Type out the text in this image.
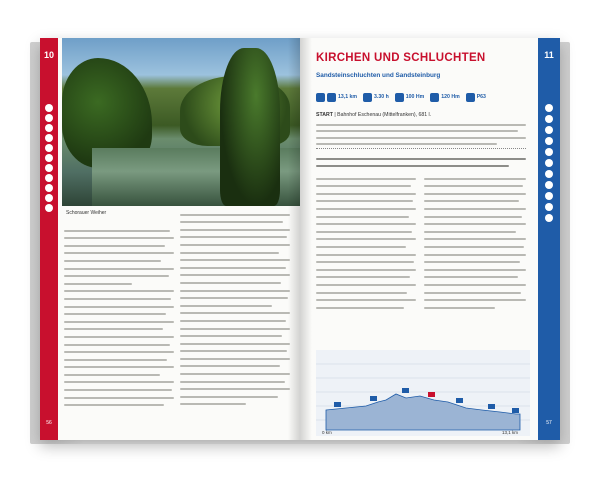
10
56
Schorauer Weiher
11
57
KIRCHEN UND SCHLUCHTEN
Sandsteinschluchten und Sandsteinburg
13,1 km	3.30 h	100 Hm	120 Hm	P63
START | Bahnhof Eschenau (Mittelfranken), 681 l.
0 km	13,1 km
